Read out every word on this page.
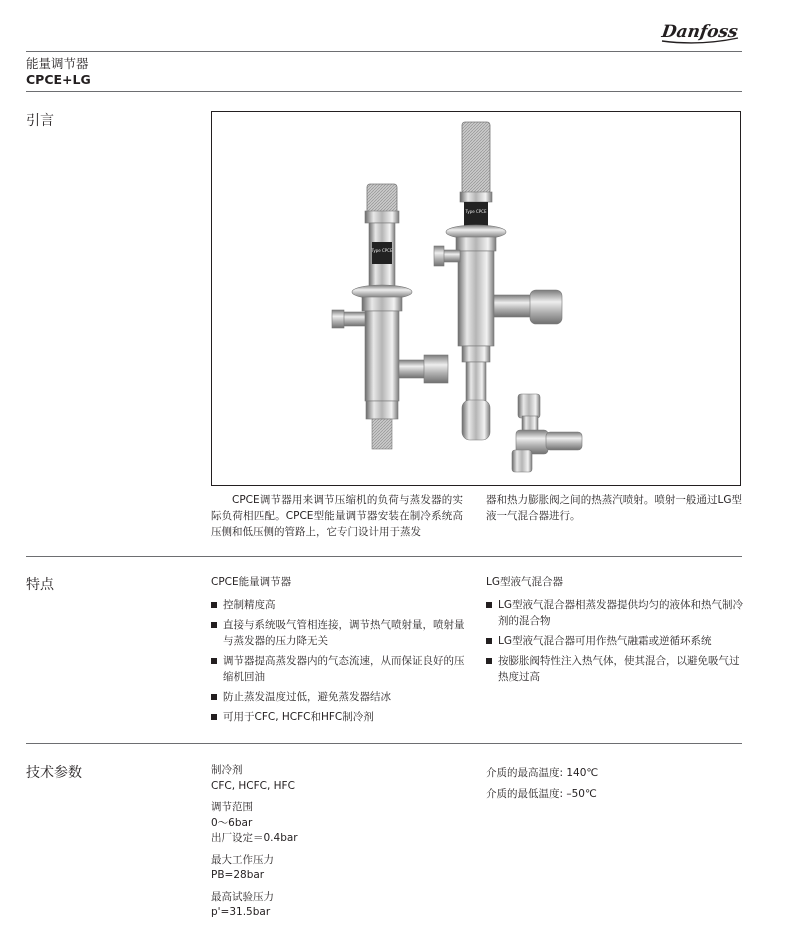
Danfoss
能量调节器
CPCE+LG
引言
Type CPCE
Type CPCE

CPCE调节器用来调节压缩机的负荷与蒸发器的实际负荷相匹配。CPCE型能量调节器安装在制冷系统高压侧和低压侧的管路上，它专门设计用于蒸发

器和热力膨胀阀之间的热蒸汽喷射。喷射一般通过LG型液一气混合器进行。

特点	CPCE能量调节器
控制精度高
直接与系统吸气管相连接，调节热气喷射量，喷射量与蒸发器的压力降无关
调节器提高蒸发器内的气态流速，从而保证良好的压缩机回油
防止蒸发温度过低，避免蒸发器结冰
可用于CFC, HCFC和HFC制冷剂
LG型液气混合器
LG型液气混合器相蒸发器提供均匀的液体和热气制冷剂的混合物
LG型液气混合器可用作热气融霜或逆循环系统
按膨胀阀特性注入热气体，使其混合，以避免吸气过热度过高
技术参数	制冷剂
CFC, HCFC, HFC
调节范围
0～6bar
出厂设定＝0.4bar
最大工作压力
PB=28bar
最高试验压力
p'=31.5bar
介质的最高温度: 140℃
介质的最低温度: –50℃
